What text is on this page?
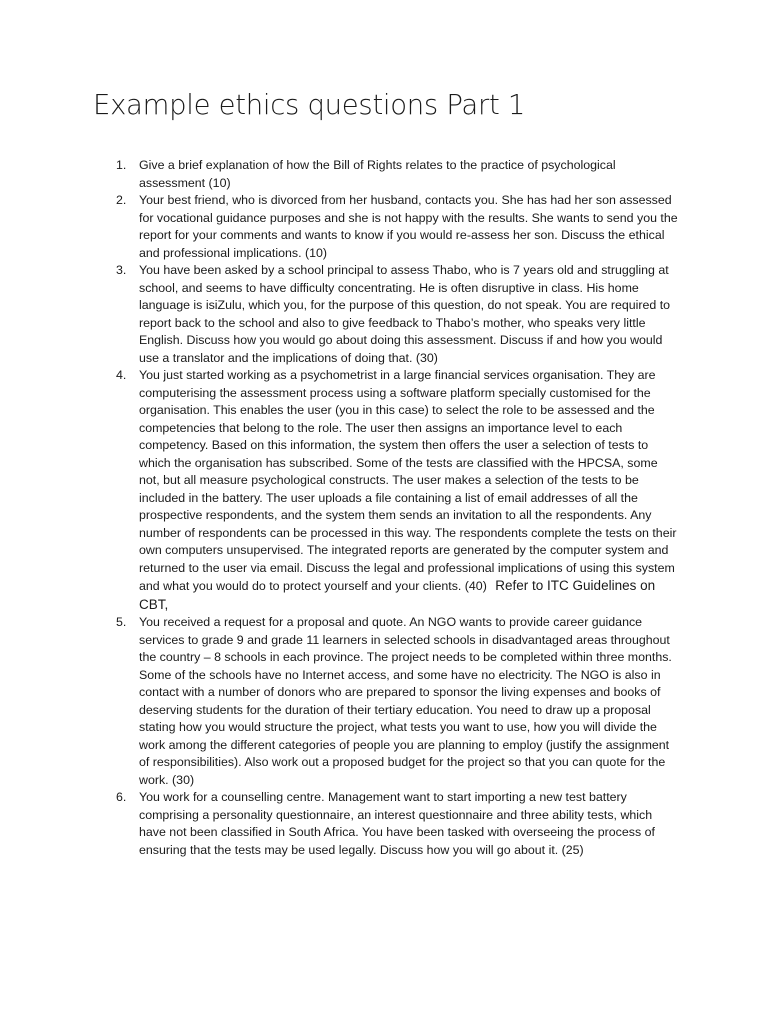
Example ethics questions Part 1
1. Give a brief explanation of how the Bill of Rights relates to the practice of psychological assessment (10)
2. Your best friend, who is divorced from her husband, contacts you. She has had her son assessed for vocational guidance purposes and she is not happy with the results. She wants to send you the report for your comments and wants to know if you would re-assess her son. Discuss the ethical and professional implications. (10)
3. You have been asked by a school principal to assess Thabo, who is 7 years old and struggling at school, and seems to have difficulty concentrating. He is often disruptive in class. His home language is isiZulu, which you, for the purpose of this question, do not speak. You are required to report back to the school and also to give feedback to Thabo’s mother, who speaks very little English. Discuss how you would go about doing this assessment. Discuss if and how you would use a translator and the implications of doing that. (30)
4. You just started working as a psychometrist in a large financial services organisation. They are computerising the assessment process using a software platform specially customised for the organisation. This enables the user (you in this case) to select the role to be assessed and the competencies that belong to the role. The user then assigns an importance level to each competency. Based on this information, the system then offers the user a selection of tests to which the organisation has subscribed. Some of the tests are classified with the HPCSA, some not, but all measure psychological constructs. The user makes a selection of the tests to be included in the battery. The user uploads a file containing a list of email addresses of all the prospective respondents, and the system them sends an invitation to all the respondents. Any number of respondents can be processed in this way. The respondents complete the tests on their own computers unsupervised. The integrated reports are generated by the computer system and returned to the user via email. Discuss the legal and professional implications of using this system and what you would do to protect yourself and your clients. (40) Refer to ITC Guidelines on CBT,
5. You received a request for a proposal and quote. An NGO wants to provide career guidance services to grade 9 and grade 11 learners in selected schools in disadvantaged areas throughout the country – 8 schools in each province. The project needs to be completed within three months. Some of the schools have no Internet access, and some have no electricity. The NGO is also in contact with a number of donors who are prepared to sponsor the living expenses and books of deserving students for the duration of their tertiary education. You need to draw up a proposal stating how you would structure the project, what tests you want to use, how you will divide the work among the different categories of people you are planning to employ (justify the assignment of responsibilities). Also work out a proposed budget for the project so that you can quote for the work. (30)
6. You work for a counselling centre. Management want to start importing a new test battery comprising a personality questionnaire, an interest questionnaire and three ability tests, which have not been classified in South Africa. You have been tasked with overseeing the process of ensuring that the tests may be used legally. Discuss how you will go about it. (25)
